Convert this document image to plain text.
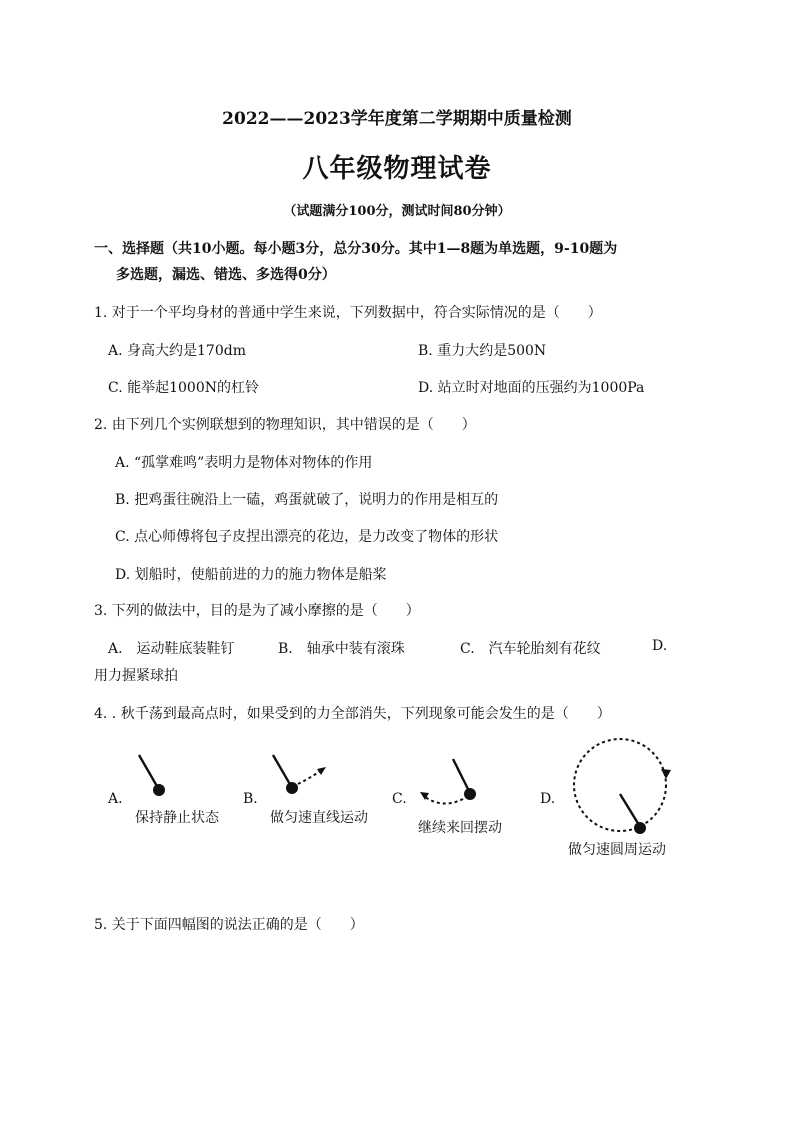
2022——2023学年度第二学期期中质量检测
八年级物理试卷
（试题满分100分，测试时间80分钟）
一、选择题（共10小题。每小题3分，总分30分。其中1—8题为单选题，9-10题为
多选题，漏选、错选、多选得0分）
1. 对于一个平均身材的普通中学生来说，下列数据中，符合实际情况的是（　　）
A. 身高大约是170dm	B. 重力大约是500N
C. 能举起1000N的杠铃	D. 站立时对地面的压强约为1000Pa
2. 由下列几个实例联想到的物理知识，其中错误的是（　　）
A. “孤掌难鸣”表明力是物体对物体的作用
B. 把鸡蛋往碗沿上一磕，鸡蛋就破了，说明力的作用是相互的
C. 点心师傅将包子皮捏出漂亮的花边，是力改变了物体的形状
D. 划船时，使船前进的力的施力物体是船桨
3. 下列的做法中，目的是为了减小摩擦的是（　　）
A.　运动鞋底装鞋钉	B.　轴承中装有滚珠	C.　汽车轮胎刻有花纹	D.
用力握紧球拍
4. . 秋千荡到最高点时，如果受到的力全部消失，下列现象可能会发生的是（　　）
A.
保持静止状态
B.
做匀速直线运动
C.
继续来回摆动
D.
做匀速圆周运动
5. 关于下面四幅图的说法正确的是（　　）
